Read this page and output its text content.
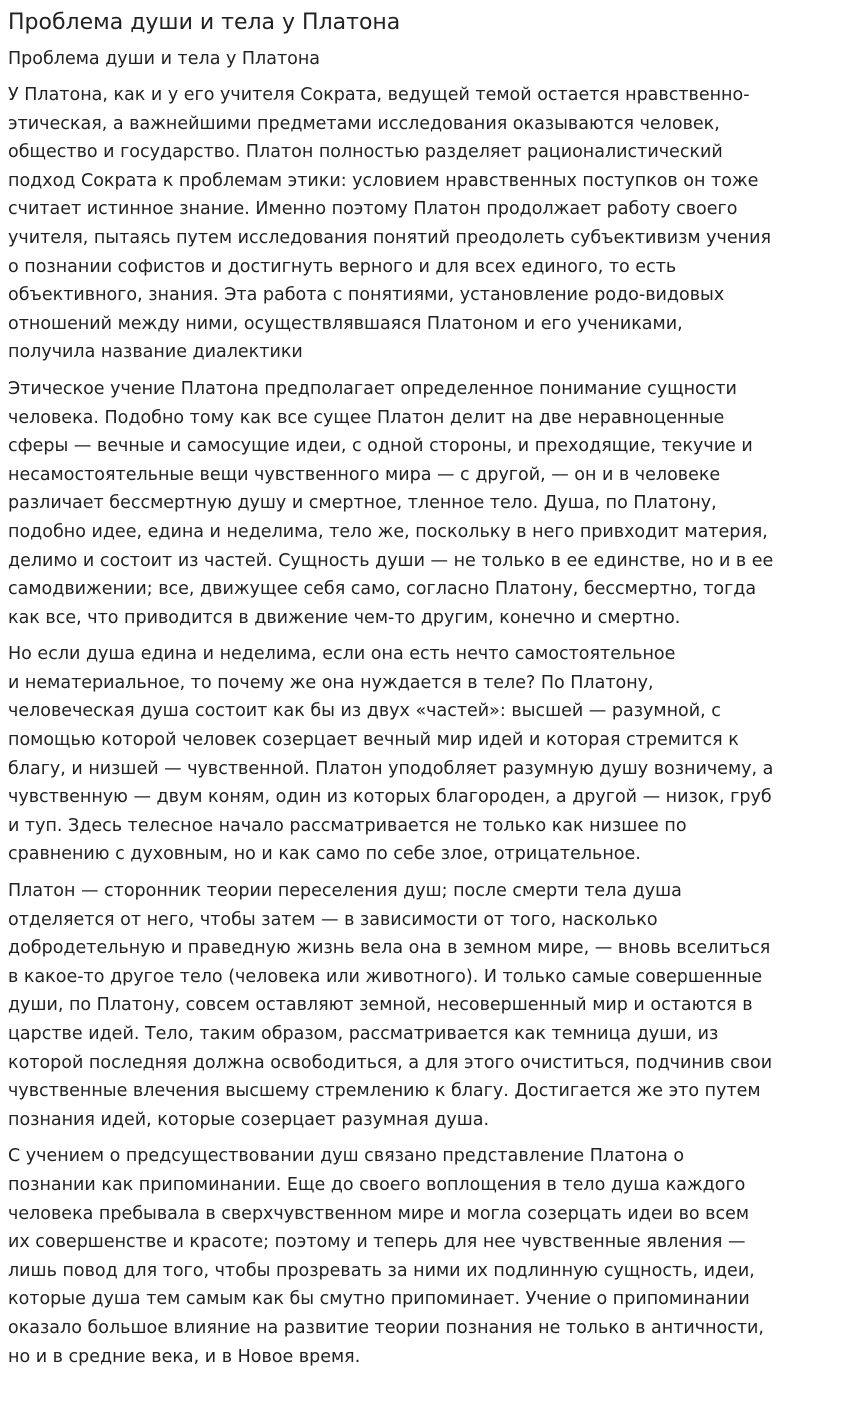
Проблема души и тела у Платона
Проблема души и тела у Платона

У Платона, как и у его учителя Сократа, ведущей темой остается нравственно-
этическая, а важнейшими предметами исследования оказываются человек,
общество и государство. Платон полностью разделяет рационалистический
подход Сократа к проблемам этики: условием нравственных поступков он тоже
считает истинное знание. Именно поэтому Платон продолжает работу своего
учителя, пытаясь путем исследования понятий преодолеть субъективизм учения
о познании софистов и достигнуть верного и для всех единого, то есть
объективного, знания. Эта работа с понятиями, установление родо-видовых
отношений между ними, осуществлявшаяся Платоном и его учениками,
получила название диалектики

Этическое учение Платона предполагает определенное понимание сущности
человека. Подобно тому как все сущее Платон делит на две неравноценные
сферы — вечные и самосущие идеи, с одной стороны, и преходящие, текучие и
несамостоятельные вещи чувственного мира — с другой, — он и в человеке
различает бессмертную душу и смертное, тленное тело. Душа, по Платону,
подобно идее, едина и неделима, тело же, поскольку в него привходит материя,
делимо и состоит из частей. Сущность души — не только в ее единстве, но и в ее
самодвижении; все, движущее себя само, согласно Платону, бессмертно, тогда
как все, что приводится в движение чем-то другим, конечно и смертно.

Но если душа едина и неделима, если она есть нечто самостоятельное
и нематериальное, то почему же она нуждается в теле? По Платону,
человеческая душа состоит как бы из двух «частей»: высшей — разумной, с
помощью которой человек созерцает вечный мир идей и которая стремится к
благу, и низшей — чувственной. Платон уподобляет разумную душу возничему, а
чувственную — двум коням, один из которых благороден, а другой — низок, груб
и туп. Здесь телесное начало рассматривается не только как низшее по
сравнению с духовным, но и как само по себе злое, отрицательное.

Платон — сторонник теории переселения душ; после смерти тела душа
отделяется от него, чтобы затем — в зависимости от того, насколько
добродетельную и праведную жизнь вела она в земном мире, — вновь вселиться
в какое-то другое тело (человека или животного). И только самые совершенные
души, по Платону, совсем оставляют земной, несовершенный мир и остаются в
царстве идей. Тело, таким образом, рассматривается как темница души, из
которой последняя должна освободиться, а для этого очиститься, подчинив свои
чувственные влечения высшему стремлению к благу. Достигается же это путем
познания идей, которые созерцает разумная душа.

С учением о предсуществовании душ связано представление Платона о
познании как припоминании. Еще до своего воплощения в тело душа каждого
человека пребывала в сверхчувственном мире и могла созерцать идеи во всем
их совершенстве и красоте; поэтому и теперь для нее чувственные явления —
лишь повод для того, чтобы прозревать за ними их подлинную сущность, идеи,
которые душа тем самым как бы смутно припоминает. Учение о припоминании
оказало большое влияние на развитие теории познания не только в античности,
но и в средние века, и в Новое время.
